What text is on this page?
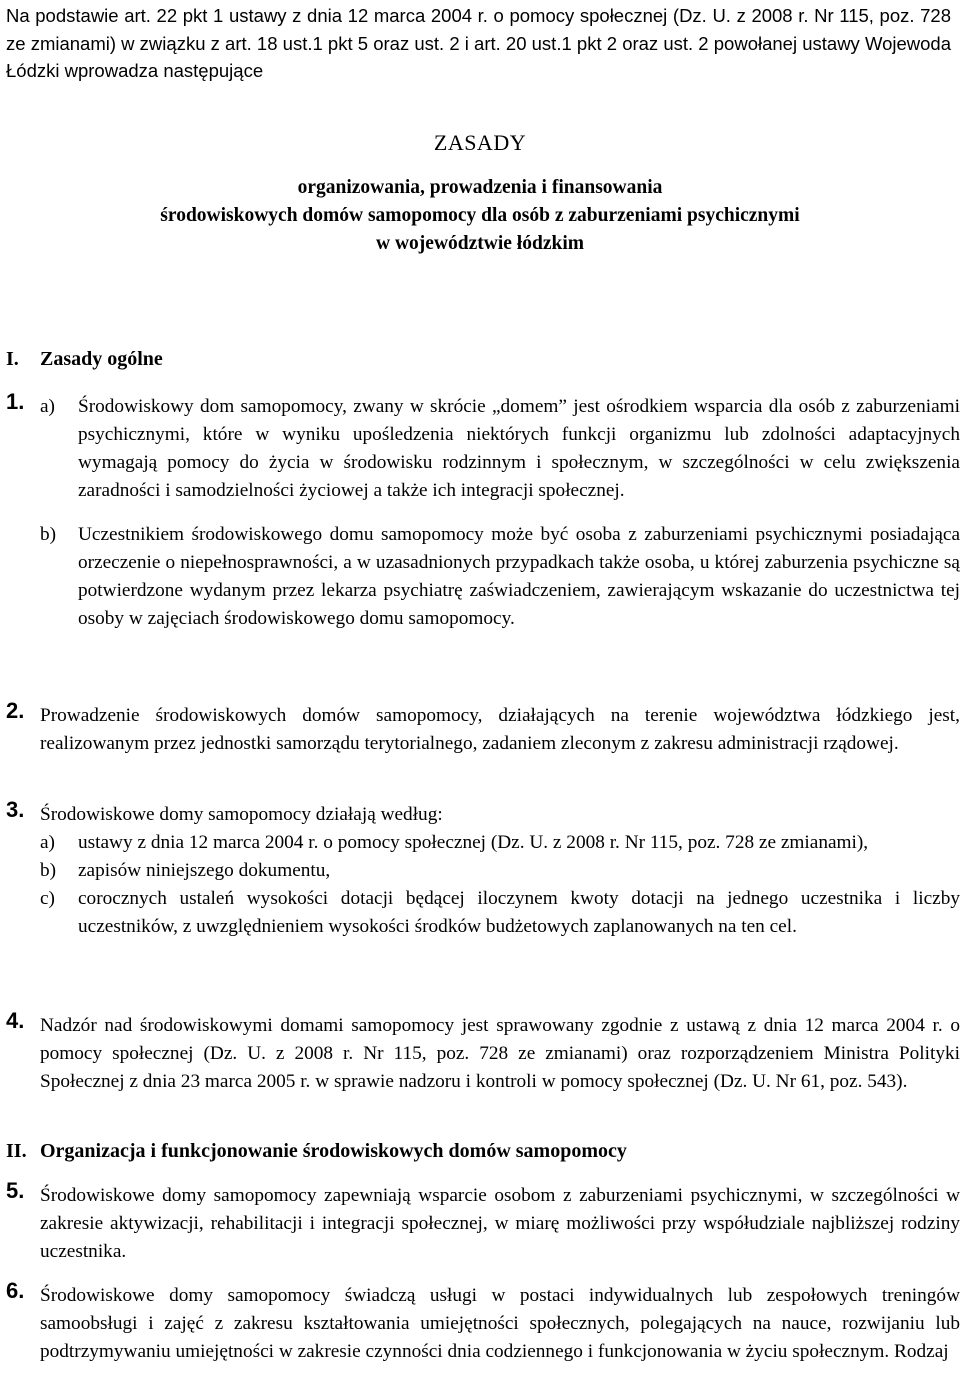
Na podstawie art. 22 pkt 1 ustawy z dnia 12 marca 2004 r. o pomocy społecznej (Dz. U. z 2008 r. Nr 115, poz. 728 ze zmianami) w związku z art. 18 ust.1 pkt 5 oraz ust. 2 i art. 20 ust.1 pkt 2 oraz ust. 2 powołanej ustawy Wojewoda Łódzki wprowadza następujące
ZASADY
organizowania, prowadzenia i finansowania
środowiskowych domów samopomocy dla osób z zaburzeniami psychicznymi
w województwie łódzkim
I. Zasady ogólne
1. a)	Środowiskowy dom samopomocy, zwany w skrócie „domem” jest ośrodkiem wsparcia dla osób z zaburzeniami psychicznymi, które w wyniku upośledzenia niektórych funkcji organizmu lub zdolności adaptacyjnych wymagają pomocy do życia w środowisku rodzinnym i społecznym, w szczególności w celu zwiększenia zaradności i samodzielności życiowej a także ich integracji społecznej.
b)	Uczestnikiem środowiskowego domu samopomocy może być osoba z zaburzeniami psychicznymi posiadająca orzeczenie o niepełnosprawności, a w uzasadnionych przypadkach także osoba, u której zaburzenia psychiczne są potwierdzone wydanym przez lekarza psychiatrę zaświadczeniem, zawierającym wskazanie do uczestnictwa tej osoby w zajęciach środowiskowego domu samopomocy.
2. Prowadzenie środowiskowych domów samopomocy, działających na terenie województwa łódzkiego jest, realizowanym przez jednostki samorządu terytorialnego, zadaniem zleconym z zakresu administracji rządowej.
3. Środowiskowe domy samopomocy działają według:
a)	ustawy z dnia 12 marca 2004 r. o pomocy społecznej (Dz. U. z 2008 r. Nr 115, poz. 728 ze zmianami),
b)	zapisów niniejszego dokumentu,
c)	corocznych ustaleń wysokości dotacji będącej iloczynem kwoty dotacji na jednego uczestnika i liczby uczestników, z uwzględnieniem wysokości środków budżetowych zaplanowanych na ten cel.
4. Nadzór nad środowiskowymi domami samopomocy jest sprawowany zgodnie z ustawą z dnia 12 marca 2004 r. o pomocy społecznej (Dz. U. z 2008 r. Nr 115, poz. 728 ze zmianami) oraz rozporządzeniem Ministra Polityki Społecznej z dnia 23 marca 2005 r. w sprawie nadzoru i kontroli w pomocy społecznej (Dz. U. Nr 61, poz. 543).
II. Organizacja i funkcjonowanie środowiskowych domów samopomocy
5. Środowiskowe domy samopomocy zapewniają wsparcie osobom z zaburzeniami psychicznymi, w szczególności w zakresie aktywizacji, rehabilitacji i integracji społecznej, w miarę możliwości przy współudziale najbliższej rodziny uczestnika.
6. Środowiskowe domy samopomocy świadczą usługi w postaci indywidualnych lub zespołowych treningów samoobsługi i zajęć z zakresu kształtowania umiejętności społecznych, polegających na nauce, rozwijaniu lub podtrzymywaniu umiejętności w zakresie czynności dnia codziennego i funkcjonowania w życiu społecznym. Rodzaj
